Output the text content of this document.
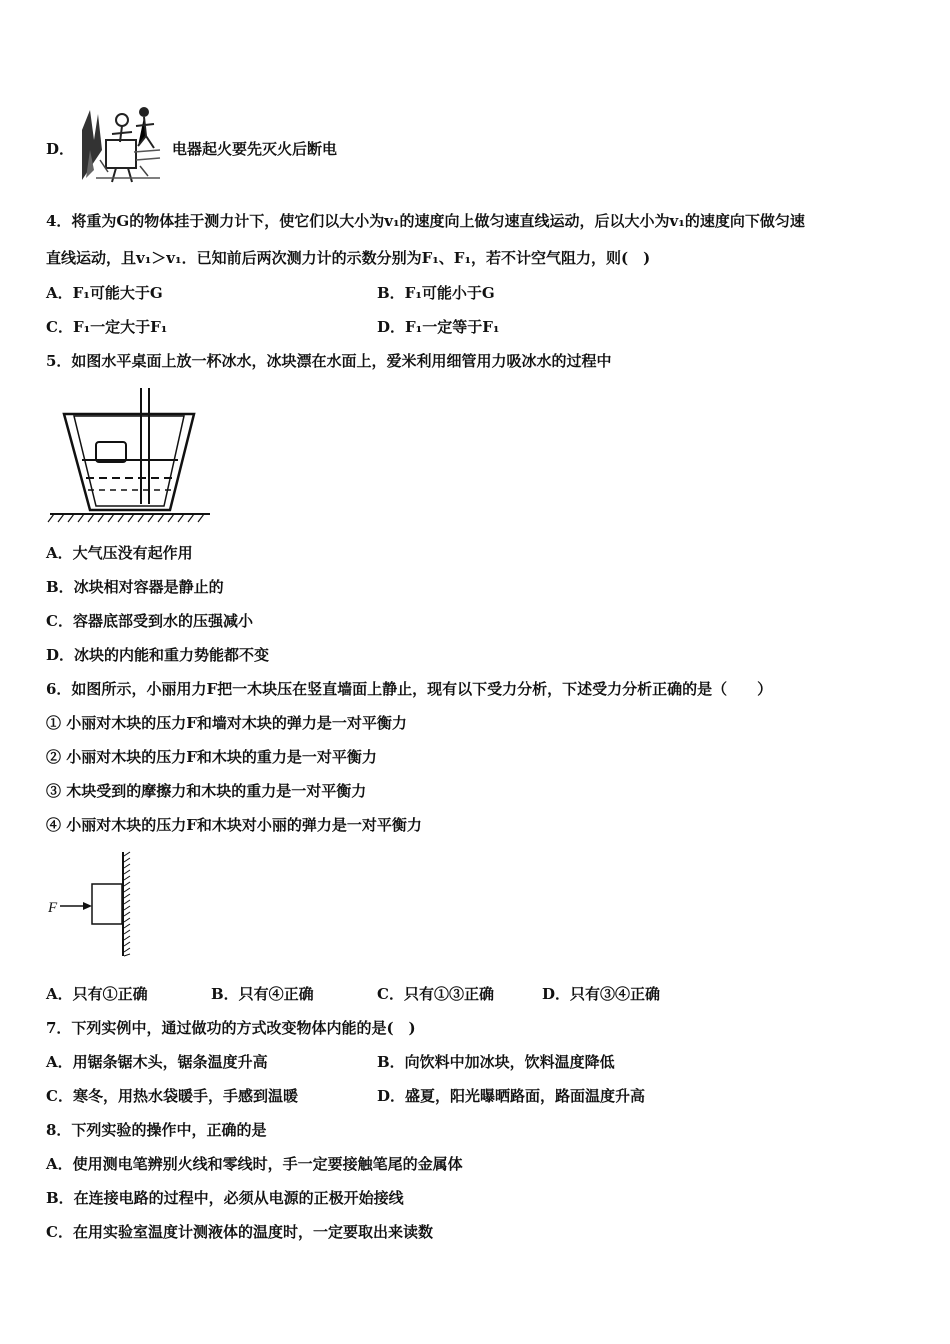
D．	电器起火要先灭火后断电
4．将重为G的物体挂于测力计下，使它们以大小为v₁的速度向上做匀速直线运动，后以大小为v₁的速度向下做匀速
直线运动，且v₁＞v₁．已知前后两次测力计的示数分别为F₁、F₁，若不计空气阻力，则(　)
A．F₁可能大于G	B．F₁可能小于G
C．F₁一定大于F₁	D．F₁一定等于F₁
5．如图水平桌面上放一杯冰水，冰块漂在水面上，爱米利用细管用力吸冰水的过程中
A．大气压没有起作用
B．冰块相对容器是静止的
C．容器底部受到水的压强减小
D．冰块的内能和重力势能都不变
6．如图所示，小丽用力F把一木块压在竖直墙面上静止，现有以下受力分析，下述受力分析正确的是（　　）
① 小丽对木块的压力F和墙对木块的弹力是一对平衡力
② 小丽对木块的压力F和木块的重力是一对平衡力
③ 木块受到的摩擦力和木块的重力是一对平衡力
④ 小丽对木块的压力F和木块对小丽的弹力是一对平衡力
F
A．只有①正确	B．只有④正确	C．只有①③正确	D．只有③④正确
7．下列实例中，通过做功的方式改变物体内能的是(　)
A．用锯条锯木头，锯条温度升高	B．向饮料中加冰块，饮料温度降低
C．寒冬，用热水袋暖手，手感到温暖	D．盛夏，阳光曝晒路面，路面温度升高
8．下列实验的操作中，正确的是
A．使用测电笔辨别火线和零线时，手一定要接触笔尾的金属体
B．在连接电路的过程中，必须从电源的正极开始接线
C．在用实验室温度计测液体的温度时，一定要取出来读数
